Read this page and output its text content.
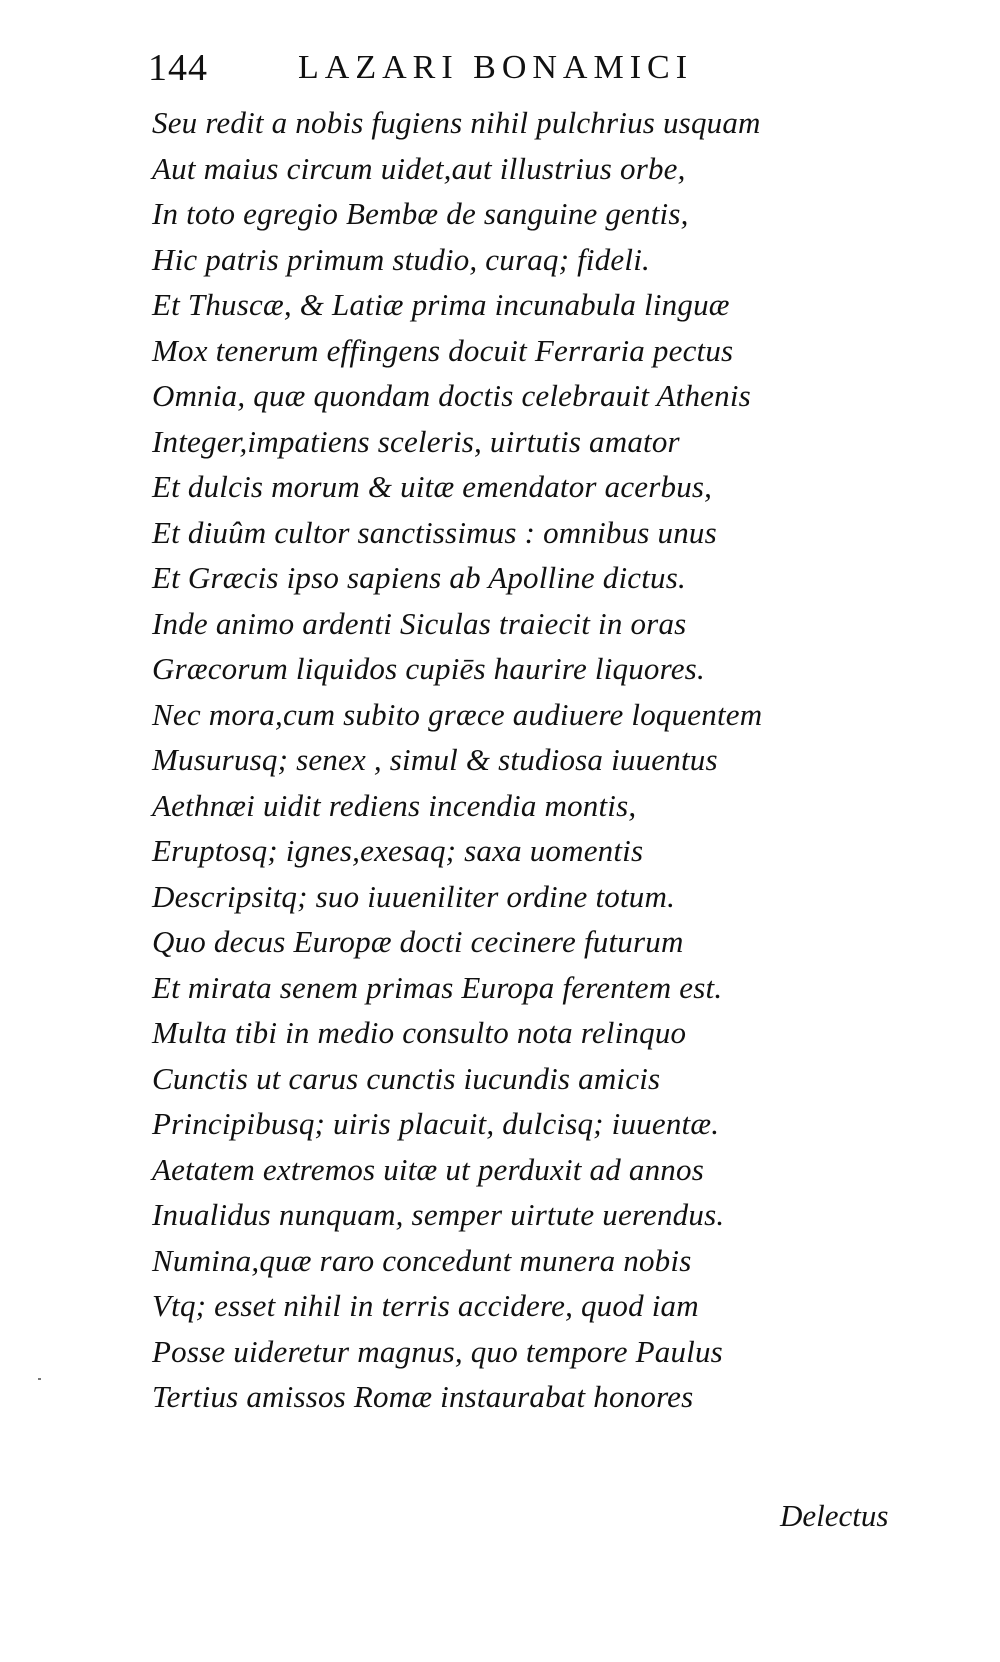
144	LAZARI BONAMICI
Seu redit a nobis fugiens nihil pulchrius usquam
Aut maius circum uidet,aut illustrius orbe,
In toto egregio Bembæ de sanguine gentis,
Hic patris primum studio, curaq; fideli.
Et Thuscæ, & Latiæ prima incunabula linguæ
Mox tenerum effingens docuit Ferraria pectus
Omnia, quæ quondam doctis celebrauit Athenis
Integer,impatiens sceleris, uirtutis amator
Et dulcis morum & uitæ emendator acerbus,
Et diuûm cultor sanctissimus : omnibus unus
Et Græcis ipso sapiens ab Apolline dictus.
Inde animo ardenti Siculas traiecit in oras
Græcorum liquidos cupiēs haurire liquores.
Nec mora,cum subito græce audiuere loquentem
Musurusq; senex , simul & studiosa iuuentus
Aethnæi uidit rediens incendia montis,
Eruptosq; ignes,exesaq; saxa uomentis
Descripsitq; suo iuueniliter ordine totum.
Quo decus Europæ docti cecinere futurum
Et mirata senem primas Europa ferentem est.
Multa tibi in medio consulto nota relinquo
Cunctis ut carus cunctis iucundis amicis
Principibusq; uiris placuit, dulcisq; iuuentæ.
Aetatem extremos uitæ ut perduxit ad annos
Inualidus nunquam, semper uirtute uerendus.
Numina,quæ raro concedunt munera nobis
Vtq; esset nihil in terris accidere, quod iam
Posse uideretur magnus, quo tempore Paulus
Tertius amissos Romæ instaurabat honores
Delectus
